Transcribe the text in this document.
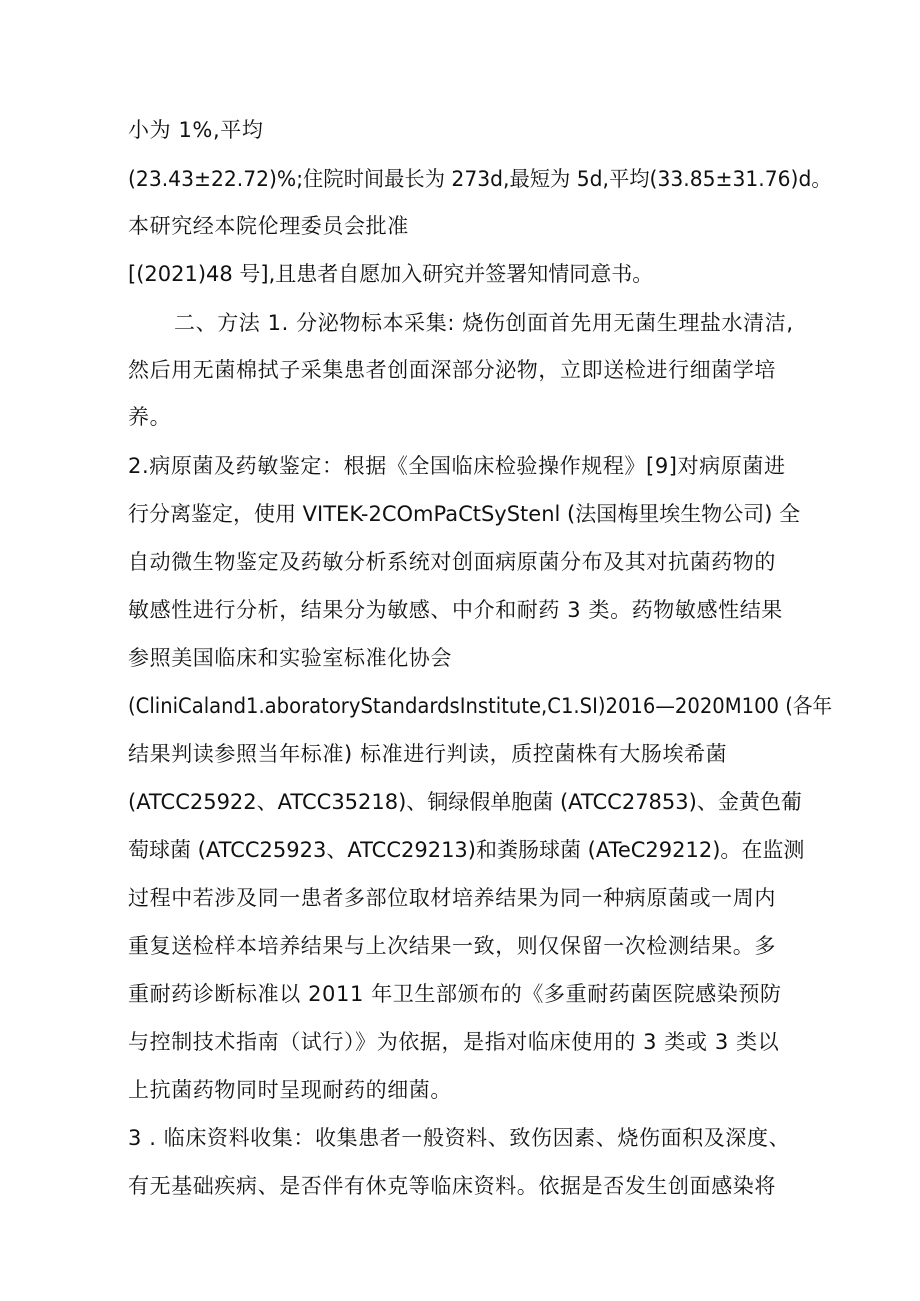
小为 1%,平均
(23.43±22.72)%;住院时间最长为 273d,最短为 5d,平均(33.85±31.76)d。
本研究经本院伦理委员会批准
[(2021)48 号],且患者自愿加入研究并签署知情同意书。
二、方法 1. 分泌物标本采集: 烧伤创面首先用无菌生理盐水清洁,
然后用无菌棉拭子采集患者创面深部分泌物，立即送检进行细菌学培
养。
2.病原菌及药敏鉴定：根据《全国临床检验操作规程》[9]对病原菌进
行分离鉴定，使用 VITEK-2COmPaCtSyStenl (法国梅里埃生物公司) 全
自动微生物鉴定及药敏分析系统对创面病原菌分布及其对抗菌药物的
敏感性进行分析，结果分为敏感、中介和耐药 3 类。药物敏感性结果
参照美国临床和实验室标准化协会
(CliniCaland1.aboratoryStandardsInstitute,C1.SI)2016—2020M100 (各年
结果判读参照当年标准) 标准进行判读，质控菌株有大肠埃希菌
(ATCC25922、ATCC35218)、铜绿假单胞菌 (ATCC27853)、金黄色葡
萄球菌 (ATCC25923、ATCC29213)和粪肠球菌 (ATeC29212)。在监测
过程中若涉及同一患者多部位取材培养结果为同一种病原菌或一周内
重复送检样本培养结果与上次结果一致，则仅保留一次检测结果。多
重耐药诊断标准以 2011 年卫生部颁布的《多重耐药菌医院感染预防
与控制技术指南（试行）》为依据，是指对临床使用的 3 类或 3 类以
上抗菌药物同时呈现耐药的细菌。
3 . 临床资料收集：收集患者一般资料、致伤因素、烧伤面积及深度、
有无基础疾病、是否伴有休克等临床资料。依据是否发生创面感染将
